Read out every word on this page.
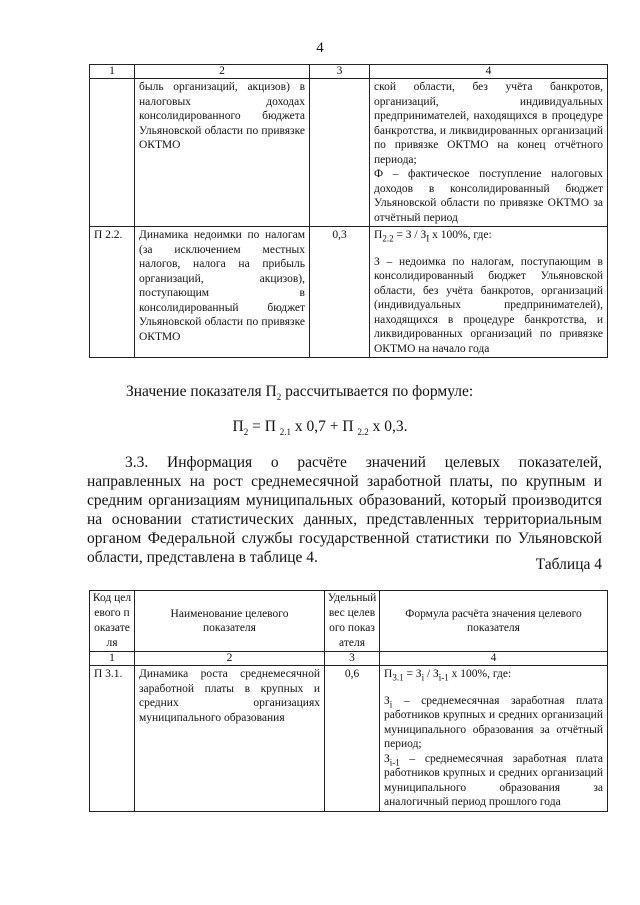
4
1	2	3	4
	быль организаций, акцизов) в налоговых доходах консолидированного бюджета Ульяновской области по привязке ОКТМО		ской области, без учёта банкротов, организаций, индивидуальных предпринимателей, находящихся в процедуре банкротства, и ликвидированных организаций по привязке ОКТМО на конец отчётного периода;
Ф – фактическое поступление налоговых доходов в консолидированный бюджет Ульяновской области по привязке ОКТМО за отчётный период

П 2.2.	Динамика недоимки по налогам (за исключением местных налогов, налога на прибыль организаций, акцизов), поступающим в консолидированный бюджет Ульяновской области по привязке ОКТМО	0,3	$П_{2.2} = З / З_I$ х 100%, где:
З – недоимка по налогам, поступающим в консолидированный бюджет Ульяновской области, без учёта банкротов, организаций (индивидуальных предпринимателей), находящихся в процедуре банкротства, и ликвидированных организаций по привязке ОКТМО на начало года
Значение показателя $П_2$ рассчитывается по формуле:
$П_2 = П$ $_{2.1}$ х 0,7 + П $_{2.2}$ х 0,3.
3.3. Информация о расчёте значений целевых показателей, направленных на рост среднемесячной заработной платы, по крупным и средним организациям муниципальных образований, который производится на основании статистических данных, представленных территориальным органом Федеральной службы государственной статистики по Ульяновской области, представлена в таблице 4.	Таблица 4
Код целевого показателя	Наименование целевого показателя	Удельный вес целевого показателя	Формула расчёта значения целевого показателя
1	2	3	4
П 3.1.	Динамика роста среднемесячной заработной платы в крупных и средних организациях муниципального образования	0,6	$П_{3.1} = З_i / З_{i-1}$ х 100%, где:
$З_i$ – среднемесячная заработная плата работников крупных и средних организаций муниципального образования за отчётный период;
$З_{i-1}$ – среднемесячная заработная плата работников крупных и средних организаций муниципального образования за аналогичный период прошлого года
